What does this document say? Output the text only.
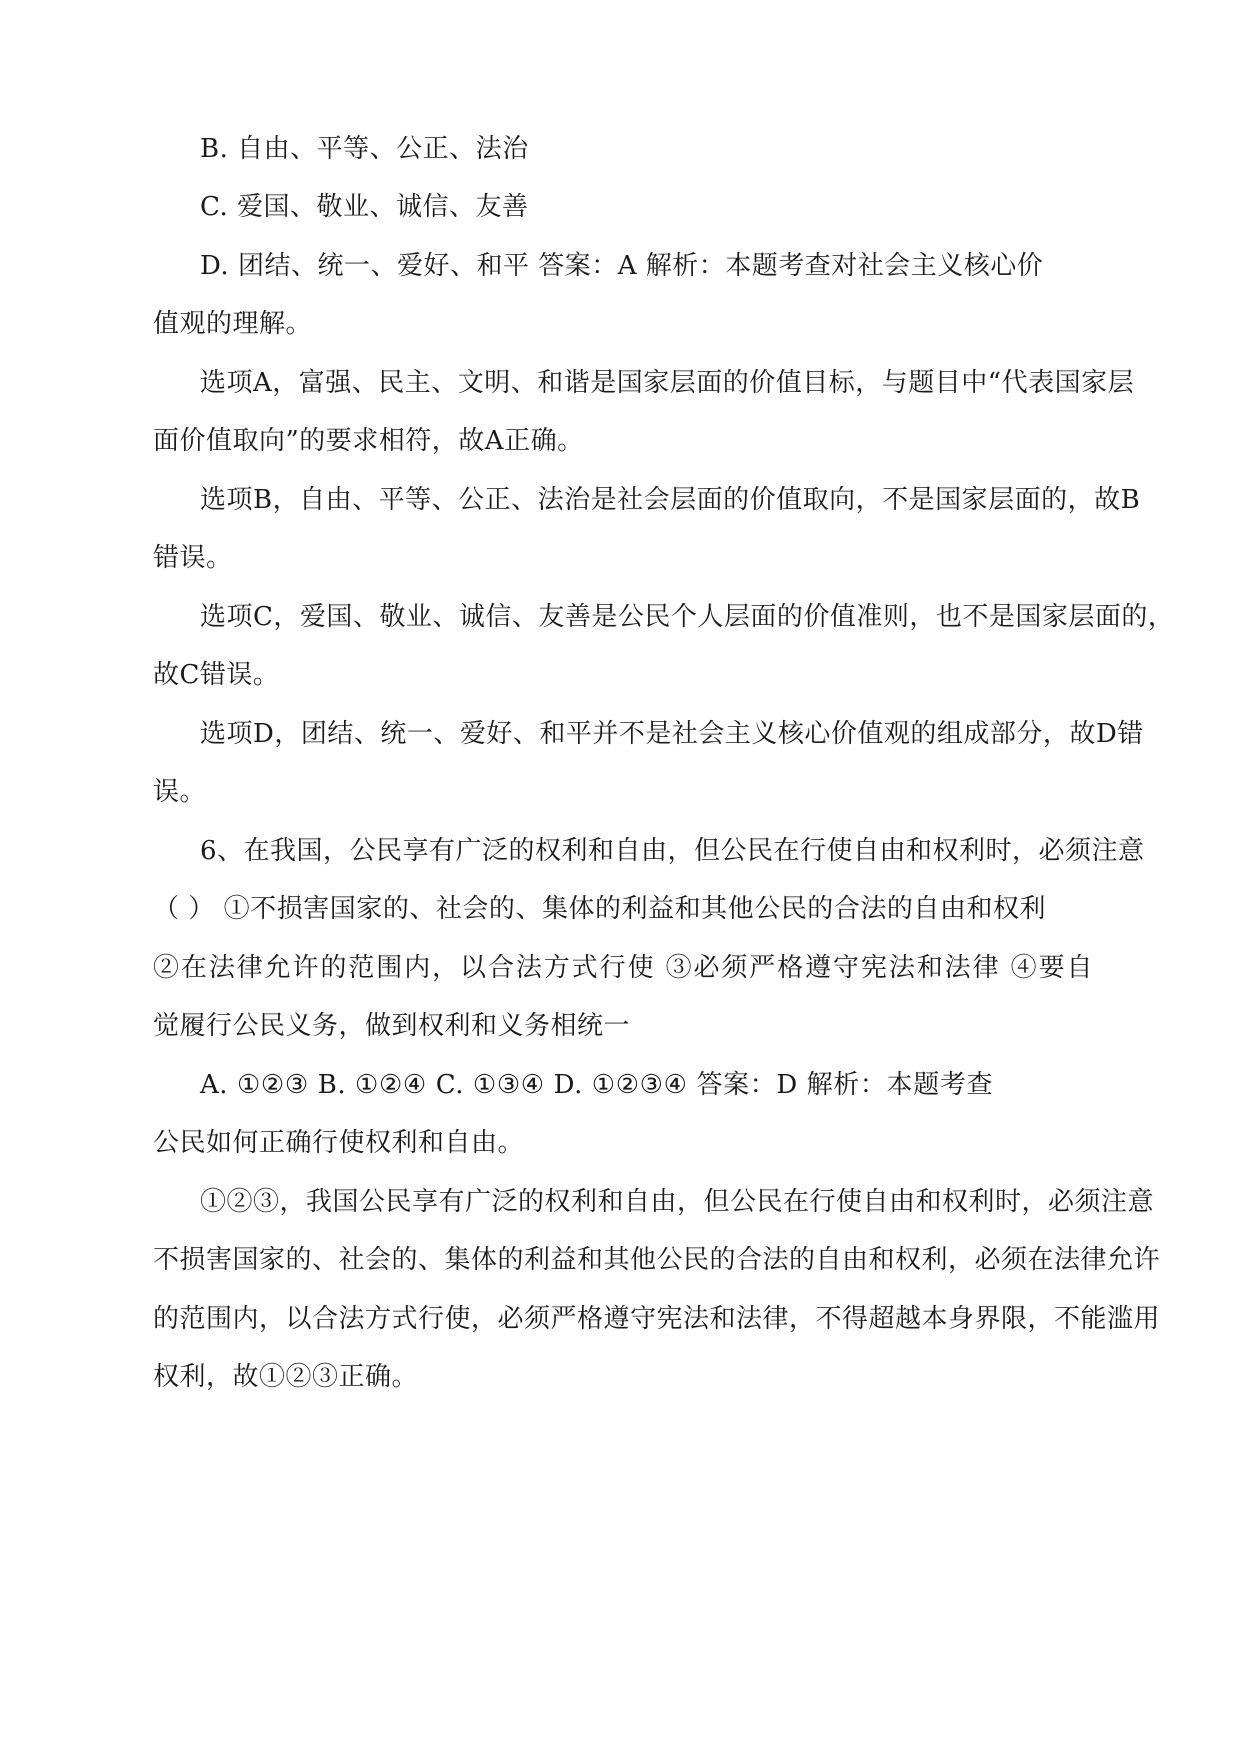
B. 自由、平等、公正、法治
C. 爱国、敬业、诚信、友善
D. 团结、统一、爱好、和平 答案：A 解析：本题考查对社会主义核心价
值观的理解。
选项A，富强、民主、文明、和谐是国家层面的价值目标，与题目中“代表国家层
面价值取向”的要求相符，故A正确。
选项B，自由、平等、公正、法治是社会层面的价值取向，不是国家层面的，故B
错误。
选项C，爱国、敬业、诚信、友善是公民个人层面的价值准则，也不是国家层面的，
故C错误。
选项D，团结、统一、爱好、和平并不是社会主义核心价值观的组成部分，故D错
误。
6、在我国，公民享有广泛的权利和自由，但公民在行使自由和权利时，必须注意
（ ） ①不损害国家的、社会的、集体的利益和其他公民的合法的自由和权利
②在法律允许的范围内，以合法方式行使 ③必须严格遵守宪法和法律 ④要自
觉履行公民义务，做到权利和义务相统一
A. ①②③ B. ①②④ C. ①③④ D. ①②③④ 答案：D 解析：本题考查
公民如何正确行使权利和自由。
①②③，我国公民享有广泛的权利和自由，但公民在行使自由和权利时，必须注意
不损害国家的、社会的、集体的利益和其他公民的合法的自由和权利，必须在法律允许
的范围内，以合法方式行使，必须严格遵守宪法和法律，不得超越本身界限，不能滥用
权利，故①②③正确。
